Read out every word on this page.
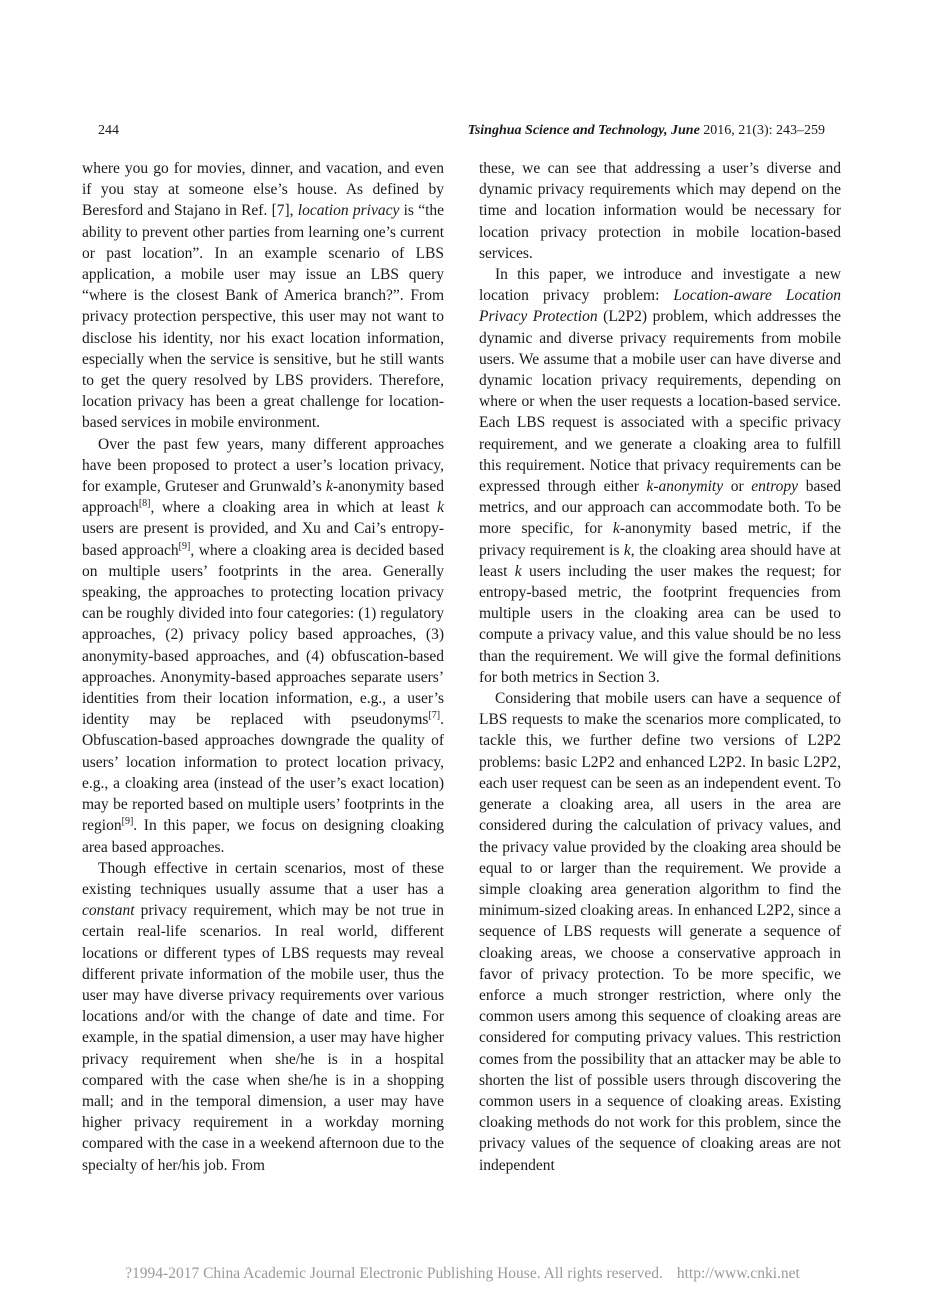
244	Tsinghua Science and Technology, June 2016, 21(3): 243–259

where you go for movies, dinner, and vacation, and even if you stay at someone else’s house. As defined by Beresford and Stajano in Ref. [7], location privacy is “the ability to prevent other parties from learning one’s current or past location”. In an example scenario of LBS application, a mobile user may issue an LBS query “where is the closest Bank of America branch?”. From privacy protection perspective, this user may not want to disclose his identity, nor his exact location information, especially when the service is sensitive, but he still wants to get the query resolved by LBS providers. Therefore, location privacy has been a great challenge for location-based services in mobile environment.

Over the past few years, many different approaches have been proposed to protect a user’s location privacy, for example, Gruteser and Grunwald’s k-anonymity based approach[8], where a cloaking area in which at least k users are present is provided, and Xu and Cai’s entropy-based approach[9], where a cloaking area is decided based on multiple users’ footprints in the area. Generally speaking, the approaches to protecting location privacy can be roughly divided into four categories: (1) regulatory approaches, (2) privacy policy based approaches, (3) anonymity-based approaches, and (4) obfuscation-based approaches. Anonymity-based approaches separate users’ identities from their location information, e.g., a user’s identity may be replaced with pseudonyms[7]. Obfuscation-based approaches downgrade the quality of users’ location information to protect location privacy, e.g., a cloaking area (instead of the user’s exact location) may be reported based on multiple users’ footprints in the region[9]. In this paper, we focus on designing cloaking area based approaches.

Though effective in certain scenarios, most of these existing techniques usually assume that a user has a constant privacy requirement, which may be not true in certain real-life scenarios. In real world, different locations or different types of LBS requests may reveal different private information of the mobile user, thus the user may have diverse privacy requirements over various locations and/or with the change of date and time. For example, in the spatial dimension, a user may have higher privacy requirement when she/he is in a hospital compared with the case when she/he is in a shopping mall; and in the temporal dimension, a user may have higher privacy requirement in a workday morning compared with the case in a weekend afternoon due to the specialty of her/his job. From

these, we can see that addressing a user’s diverse and dynamic privacy requirements which may depend on the time and location information would be necessary for location privacy protection in mobile location-based services.

In this paper, we introduce and investigate a new location privacy problem: Location-aware Location Privacy Protection (L2P2) problem, which addresses the dynamic and diverse privacy requirements from mobile users. We assume that a mobile user can have diverse and dynamic location privacy requirements, depending on where or when the user requests a location-based service. Each LBS request is associated with a specific privacy requirement, and we generate a cloaking area to fulfill this requirement. Notice that privacy requirements can be expressed through either k-anonymity or entropy based metrics, and our approach can accommodate both. To be more specific, for k-anonymity based metric, if the privacy requirement is k, the cloaking area should have at least k users including the user makes the request; for entropy-based metric, the footprint frequencies from multiple users in the cloaking area can be used to compute a privacy value, and this value should be no less than the requirement. We will give the formal definitions for both metrics in Section 3.

Considering that mobile users can have a sequence of LBS requests to make the scenarios more complicated, to tackle this, we further define two versions of L2P2 problems: basic L2P2 and enhanced L2P2. In basic L2P2, each user request can be seen as an independent event. To generate a cloaking area, all users in the area are considered during the calculation of privacy values, and the privacy value provided by the cloaking area should be equal to or larger than the requirement. We provide a simple cloaking area generation algorithm to find the minimum-sized cloaking areas. In enhanced L2P2, since a sequence of LBS requests will generate a sequence of cloaking areas, we choose a conservative approach in favor of privacy protection. To be more specific, we enforce a much stronger restriction, where only the common users among this sequence of cloaking areas are considered for computing privacy values. This restriction comes from the possibility that an attacker may be able to shorten the list of possible users through discovering the common users in a sequence of cloaking areas. Existing cloaking methods do not work for this problem, since the privacy values of the sequence of cloaking areas are not independent

?1994-2017 China Academic Journal Electronic Publishing House. All rights reserved. http://www.cnki.net
